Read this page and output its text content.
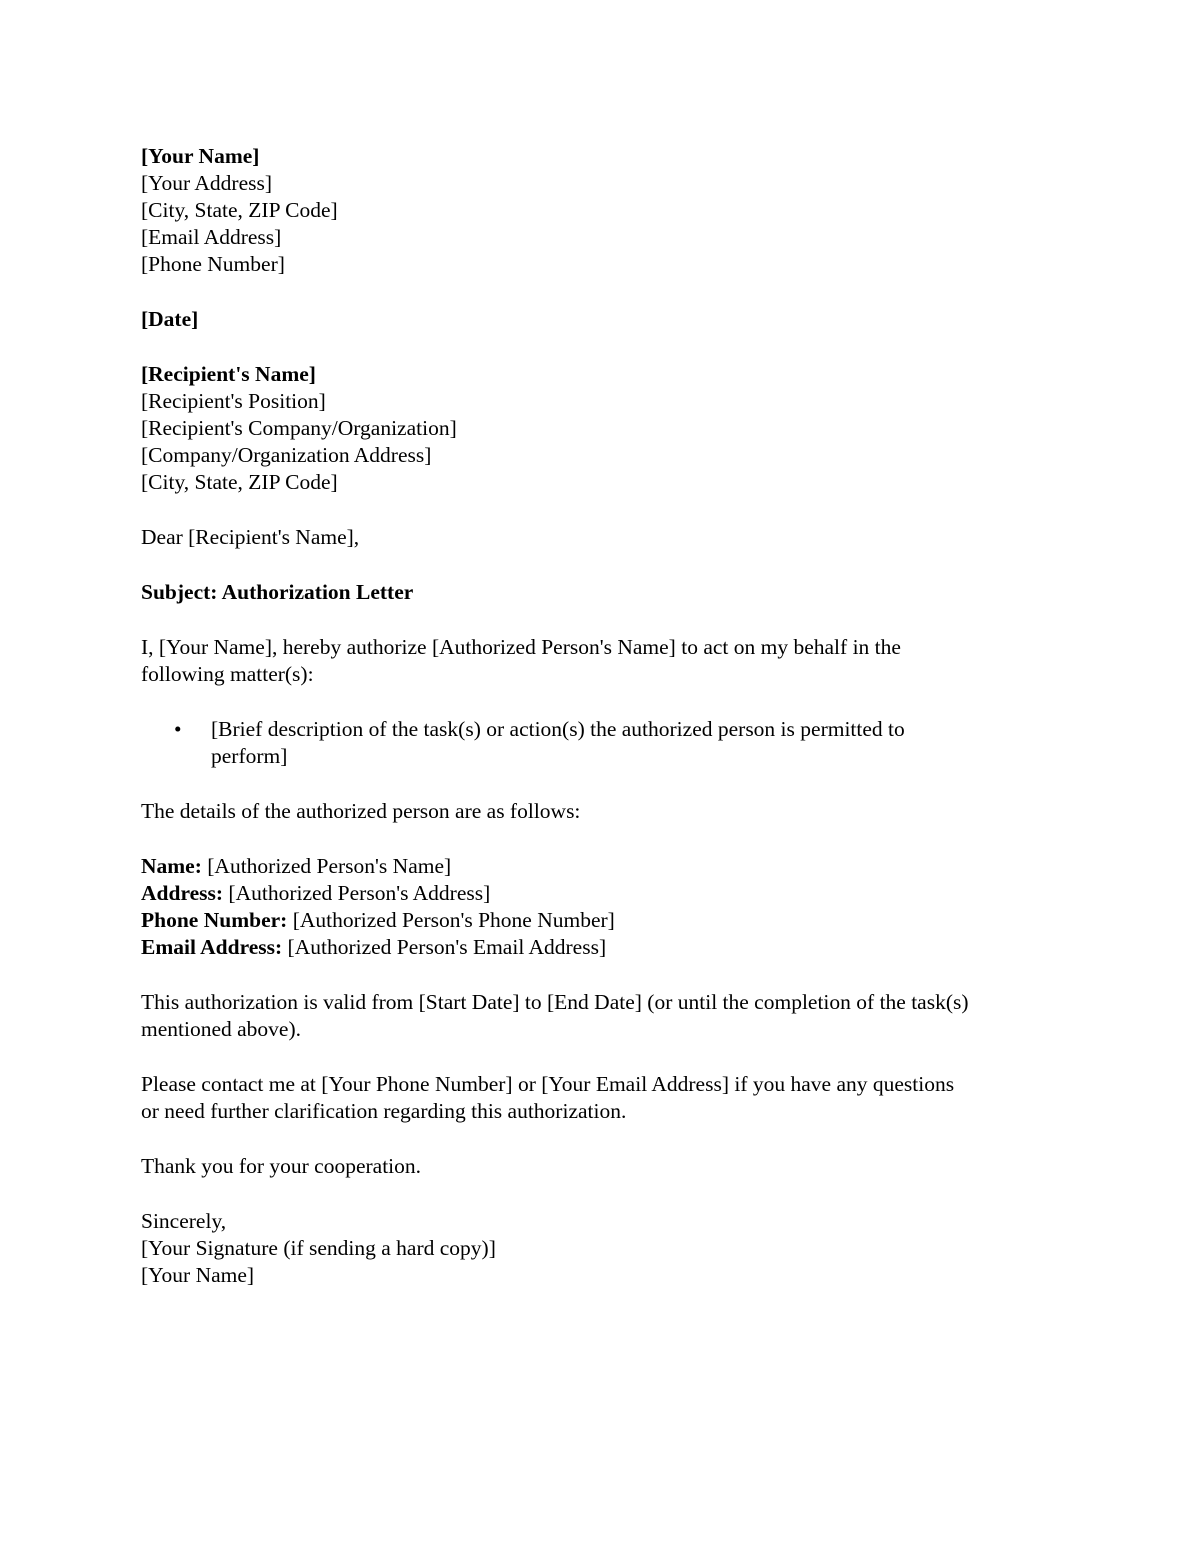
[Your Name]
[Your Address]
[City, State, ZIP Code]
[Email Address]
[Phone Number]
[Date]
[Recipient's Name]
[Recipient's Position]
[Recipient's Company/Organization]
[Company/Organization Address]
[City, State, ZIP Code]
Dear [Recipient's Name],
Subject: Authorization Letter
I, [Your Name], hereby authorize [Authorized Person's Name] to act on my behalf in the
following matter(s):
• [Brief description of the task(s) or action(s) the authorized person is permitted to
perform]
The details of the authorized person are as follows:
Name: [Authorized Person's Name]
Address: [Authorized Person's Address]
Phone Number: [Authorized Person's Phone Number]
Email Address: [Authorized Person's Email Address]
This authorization is valid from [Start Date] to [End Date] (or until the completion of the task(s)
mentioned above).
Please contact me at [Your Phone Number] or [Your Email Address] if you have any questions
or need further clarification regarding this authorization.
Thank you for your cooperation.
Sincerely,
[Your Signature (if sending a hard copy)]
[Your Name]
